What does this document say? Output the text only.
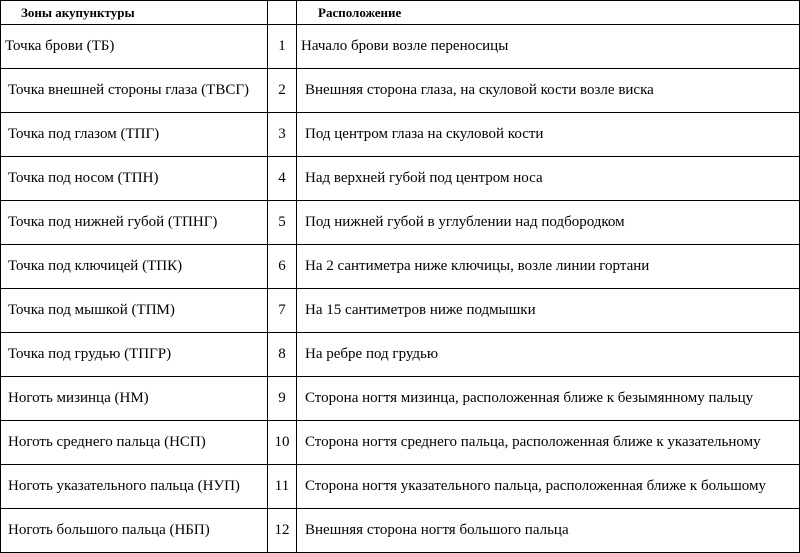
Зоны акупунктуры		Расположение
Точка брови (ТБ)	1	Начало брови возле переносицы
Точка внешней стороны глаза (ТВСГ)	2	Внешняя сторона глаза, на скуловой кости возле виска
Точка под глазом (ТПГ)	3	Под центром глаза на скуловой кости
Точка под носом (ТПН)	4	Над верхней губой под центром носа
Точка под нижней губой (ТПНГ)	5	Под нижней губой в углублении над подбородком
Точка под ключицей (ТПК)	6	На 2 сантиметра ниже ключицы, возле линии гортани
Точка под мышкой (ТПМ)	7	На 15 сантиметров ниже подмышки
Точка под грудью (ТПГР)	8	На ребре под грудью
Ноготь мизинца (НМ)	9	Сторона ногтя мизинца, расположенная ближе к безымянному пальцу
Ноготь среднего пальца (НСП)	10	Сторона ногтя среднего пальца, расположенная ближе к указательному
Ноготь указательного пальца (НУП)	11	Сторона ногтя указательного пальца, расположенная ближе к большому
Ноготь большого пальца (НБП)	12	Внешняя сторона ногтя большого пальца
